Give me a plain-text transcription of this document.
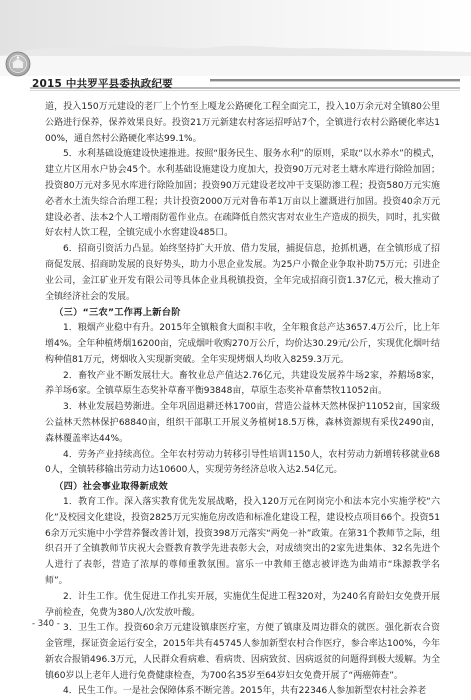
2015 中共罗平县委执政纪要

道，投入150万元建设的老厂上个竹至上嘎龙公路硬化工程全面完工，投入10万余元对全镇80公里公路进行保养，保养效果良好。投资21万元新建农村客运招呼站7个，全镇进行农村公路硬化率达100%，通自然村公路硬化率达99.1%。

5．水利基础设施建设快速推进。按照“服务民生、服务水利”的原则，采取“以水养水”的模式，建立片区用水户协会45个。水利基础设施建设力度加大，投资90万元对老土塘水库进行除险加固；投资80万元对多见水库进行除险加固；投资90万元建设老坟冲干支渠防渗工程；投资580万元实施必者水土流失综合治理工程；共计投资2000万元对鲁布革1万亩以上灌溉进行加固。投资40余万元建设必者、法本2个人工增雨防雹作业点。在疏降低自然灾害对农业生产造成的损失，同时，扎实做好农村人饮工程，全镇完成小水窖建设485口。

6．招商引资活力凸显。始终坚持扩大开放、借力发展，捕捉信息，抢抓机遇，在全镇形成了招商促发展、招商助发展的良好势头，助力小思企业发展。为25户小微企业争取补助75万元；引进企业公司，金江矿业开发有限公司等具体企业具税镇投资，全年完成招商引资1.37亿元，极大推动了全镇经济社会的发展。

（三）“三农”工作再上新台阶

1．粮烟产业稳中有升。2015年全镇粮食大面积丰收，全年粮食总产达3657.4万公斤，比上年增4%。全年种植烤烟16200亩，完成烟叶收购270万公斤，均价达30.29元/公斤，实现优化烟叶结构种值81万元，烤烟收入实现新突破。全年实现烤烟人均收入8259.3万元。

2．畜牧产业不断发展壮大。畜牧业总产值达2.76亿元，共建设发展养牛场2家，养鹅场8家，养羊场6家。全镇草原生态奖补草畜平衡93848亩，草原生态奖补草畜禁牧11052亩。

3．林业发展趋势渐进。全年巩固退耕还林1700亩，营造公益林天然林保护11052亩，国家级公益林天然林保护68840亩，组织干部职工开展义务植树18.5万株，森林资源规有采伐2490亩，森林覆盖率达44%。

4．劳务产业持续高位。全年农村劳动力转移引导性培训1150人，农村劳动力新增转移就业680人，全镇转移输出劳动力达10600人，实现劳务经济总收入达2.54亿元。

（四）社会事业取得新成效

1．教育工作。深入落实教育优先发展战略，投入120万元在阿岗完小和法本完小实施学校“六化”及校园文化建设，投资2825万元实施危房改造和标准化建设工程，建设校点项目66个。投资516余万元实施中小学营养餐改善计划，投资398万元落实“两免一补”政策。在第31个教师节之际，组织召开了全镇教师节庆祝大会暨教育教学先进表彰大会，对成绩突出的2家先进集体、32名先进个人进行了表彰，营造了浓厚的尊师重教氛围。富乐一中教师王德志被评选为曲靖市“珠源教学名师”。

2．计生工作。优生促进工作扎实开展，实施优生促进工程320对，为240名育龄妇女免费开展孕前检查，免费为380人/次发放叶酸。

3．卫生工作。投资60余万元建设镇康医疗室，方便了镇康及周边群众的就医。强化新农合资金管理，探证资金运行安全，2015年共有45745人参加新型农村合作医疗，参合率达100%，今年新农合报销496.3万元，人民群众看病难、看病贵、因病致贫、因病返贫的问题得到极大缓解。为全镇60岁以上老年人进行免费健康检查，为700名35岁至64岁妇女免费开展了“两癌筛查”。

4．民生工作。一是社会保障体系不断完善。2015年，共有22346人参加新型农村社会养老

- 340 -
